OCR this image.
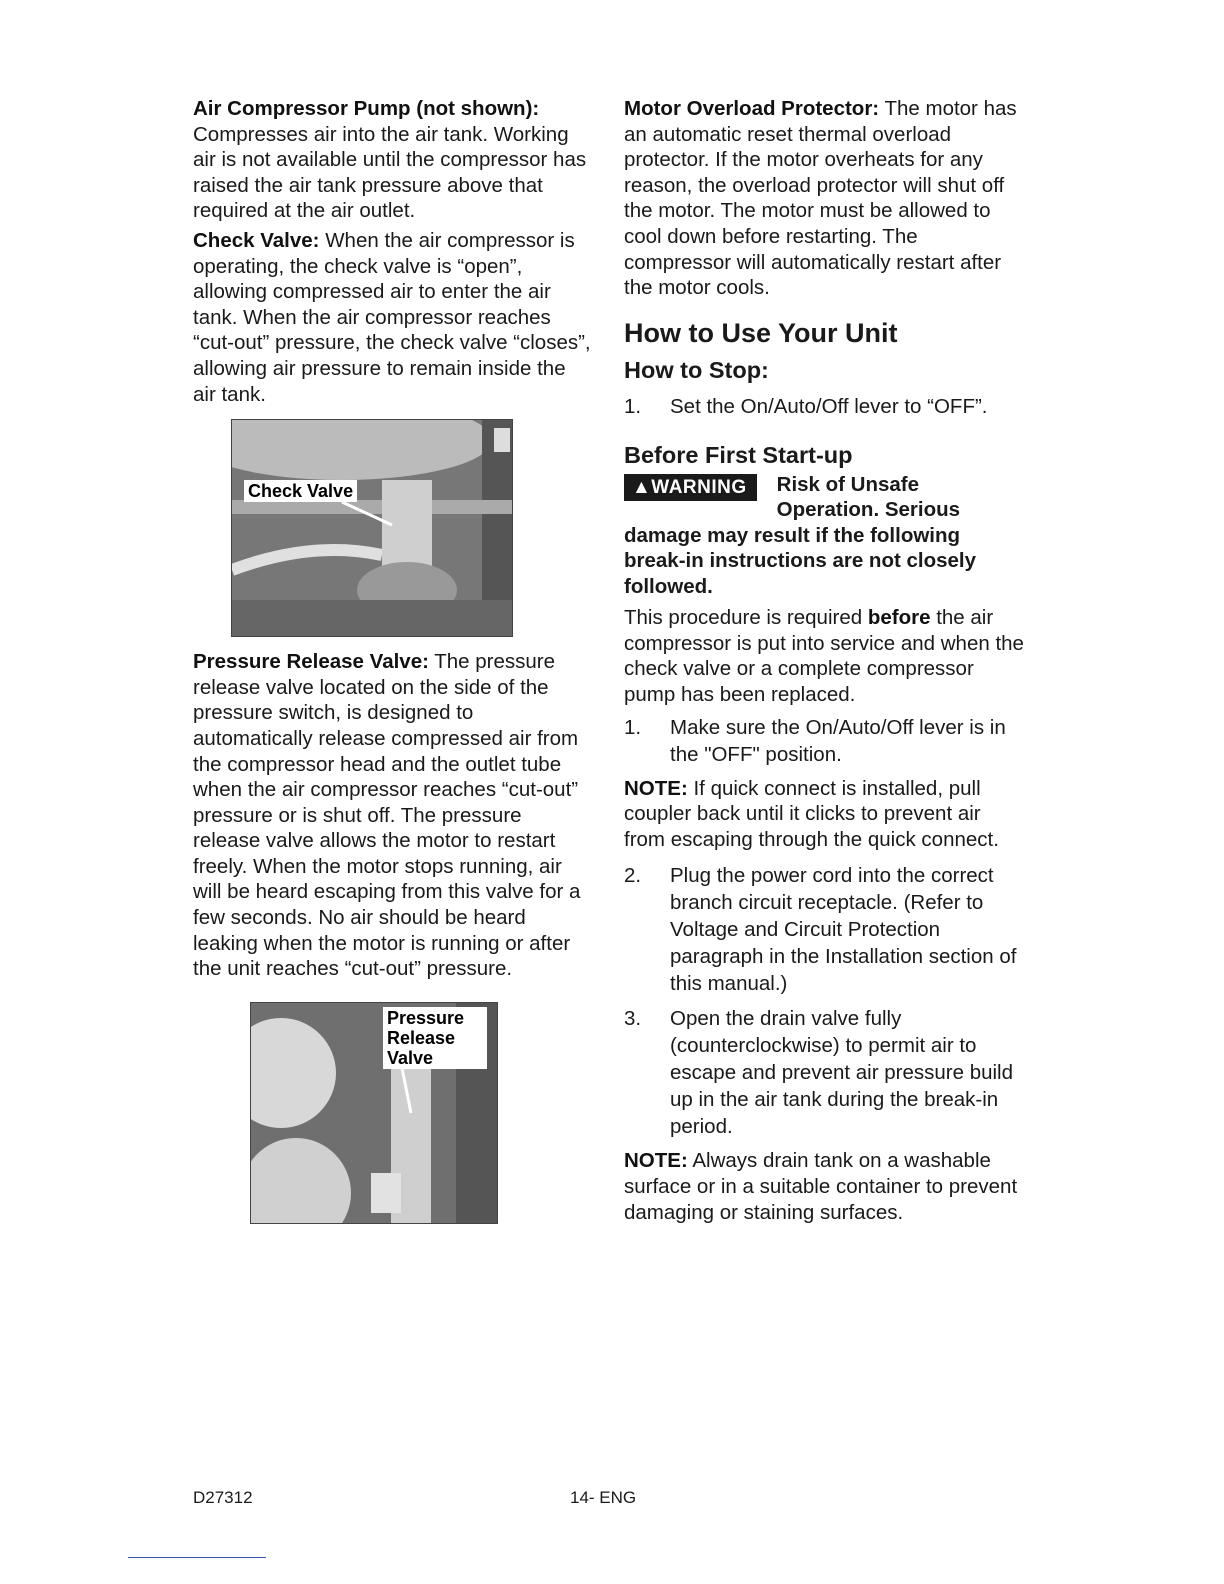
Air Compressor Pump (not shown): Compresses air into the air tank. Working air is not available until the compressor has raised the air tank pressure above that required at the air outlet.

Check Valve: When the air compressor is operating, the check valve is “open”, allowing compressed air to enter the air tank. When the air compressor reaches “cut-out” pressure, the check valve “closes”, allowing air pressure to remain inside the air tank.

Check Valve

Pressure Release Valve: The pressure release valve located on the side of the pressure switch, is designed to automatically release compressed air from the compressor head and the outlet tube when the air compressor reaches “cut-out” pressure or is shut off. The pressure release valve allows the motor to restart freely. When the motor stops running, air will be heard escaping from this valve for a few seconds. No air should be heard leaking when the motor is running or after the unit reaches “cut-out” pressure.

Pressure Release Valve

Motor Overload Protector: The motor has an automatic reset thermal overload protector. If the motor overheats for any reason, the overload protector will shut off the motor. The motor must be allowed to cool down before restarting. The compressor will automatically restart after the motor cools.

How to Use Your Unit
How to Stop:
1.	Set the On/Auto/Off lever to “OFF”.
Before First Start-up
▲WARNING	Risk of Unsafe Operation. Serious damage may result if the following break-in instructions are not closely followed.

This procedure is required before the air compressor is put into service and when the check valve or a complete compressor pump has been replaced.

1.	Make sure the On/Auto/Off lever is in the "OFF" position.

NOTE: If quick connect is installed, pull coupler back until it clicks to prevent air from escaping through the quick connect.

2.	Plug the power cord into the correct branch circuit receptacle. (Refer to Voltage and Circuit Protection paragraph in the Installation section of this manual.)
3.	Open the drain valve fully (counterclockwise) to permit air to escape and prevent air pressure build up in the air tank during the break-in period.

NOTE: Always drain tank on a washable surface or in a suitable container to prevent damaging or staining surfaces.

D27312	14- ENG
